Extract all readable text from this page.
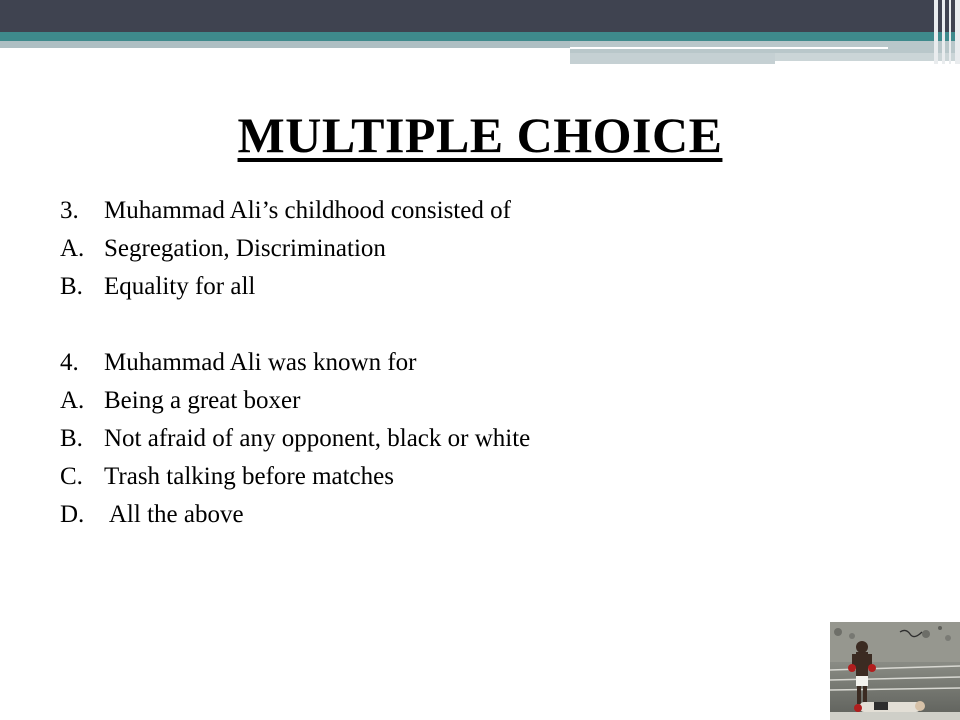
MULTIPLE CHOICE
3. Muhammad Ali’s childhood consisted of
A. Segregation, Discrimination
B. Equality for all
4. Muhammad Ali was known for
A. Being a great boxer
B. Not afraid of any opponent, black or white
C. Trash talking before matches
D. All the above
